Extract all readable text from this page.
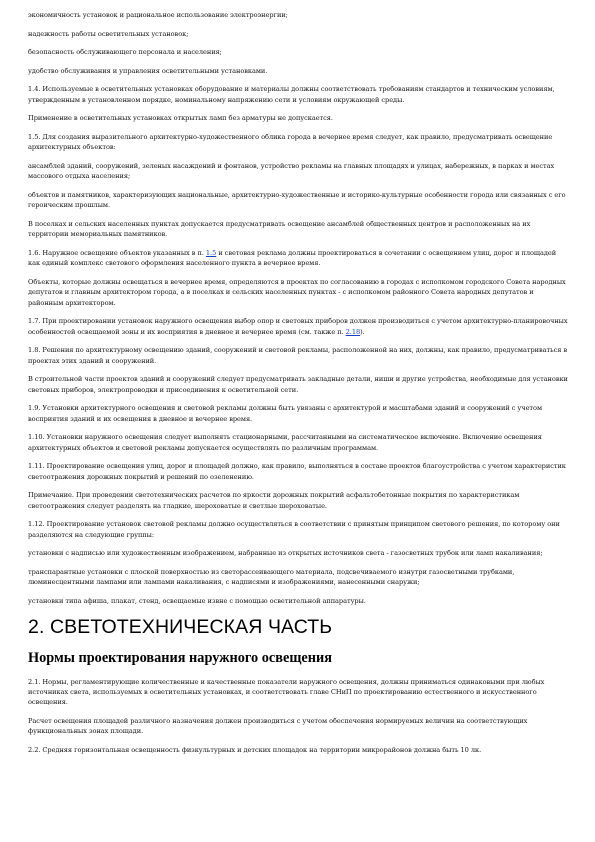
экономичность установок и рациональное использование электроэнергии;

надежность работы осветительных установок;

безопасность обслуживающего персонала и населения;

удобство обслуживания и управления осветительными установками.

1.4. Используемые в осветительных установках оборудование и материалы должны соответствовать требованиям стандартов и техническим условиям, утвержденным в установленном порядке, номинальному напряжению сети и условиям окружающей среды.

Применение в осветительных установках открытых ламп без арматуры не допускается.

1.5. Для создания выразительного архитектурно-художественного облика города в вечернее время следует, как правило, предусматривать освещение архитектурных объектов:

ансамблей зданий, сооружений, зеленых насаждений и фонтанов, устройство рекламы на главных площадях и улицах, набережных, в парках и местах массового отдыха населения;

объектов и памятников, характеризующих национальные, архитектурно-художественные и историко-культурные особенности города или связанных с его героическим прошлым.

В поселках и сельских населенных пунктах допускается предусматривать освещение ансамблей общественных центров и расположенных на их территории мемориальных памятников.

1.6. Наружное освещение объектов указанных в п. 1.5 и световая реклама должны проектироваться в сочетании с освещением улиц, дорог и площадей как единый комплекс светового оформления населенного пункта в вечернее время.

Объекты, которые должны освещаться в вечернее время, определяются в проектах по согласованию в городах с исполкомом городского Совета народных депутатов и главным архитектором города, а в поселках и сельских населенных пунктах - с исполкомом районного Совета народных депутатов и районным архитектором.

1.7. При проектировании установок наружного освещения выбор опор и световых приборов должен производиться с учетом архитектурно-планировочных особенностей освещаемой зоны и их восприятия в дневное и вечернее время (см. также п. 2.18).

1.8. Решения по архитектурному освещению зданий, сооружений и световой рекламы, расположенной на них, должны, как правило, предусматриваться в проектах этих зданий и сооружений.

В строительной части проектов зданий и сооружений следует предусматривать закладные детали, ниши и другие устройства, необходимые для установки световых приборов, электропроводки и присоединения к осветительной сети.

1.9. Установки архитектурного освещения и световой рекламы должны быть увязаны с архитектурой и масштабами зданий и сооружений с учетом восприятия зданий и их освещения в дневное и вечернее время.

1.10. Установки наружного освещения следует выполнять стационарными, рассчитанными на систематическое включение. Включение освещения архитектурных объектов и световой рекламы допускается осуществлять по различным программам.

1.11. Проектирование освещения улиц, дорог и площадей должно, как правило, выполняться в составе проектов благоустройства с учетом характеристик светоотражения дорожных покрытий и решений по озеленению.

Примечание. При проведении светотехнических расчетов по яркости дорожных покрытий асфальтобетонные покрытия по характеристикам светоотражения следует разделять на гладкие, шероховатые и светлые шероховатые.

1.12. Проектирование установок световой рекламы должно осуществляться в соответствии с принятым принципом светового решения, по которому они разделяются на следующие группы:

установки с надписью или художественным изображением, набранные из открытых источников света - газосветных трубок или ламп накаливания;

транспарантные установки с плоской поверхностью из светорассеивающего материала, подсвечиваемого изнутри газосветными трубками, люминесцентными лампами или лампами накаливания, с надписями и изображениями, нанесенными снаружи;

установки типа афиша, плакат, стенд, освещаемые извне с помощью осветительной аппаратуры.

2. СВЕТОТЕХНИЧЕСКАЯ ЧАСТЬ
Нормы проектирования наружного освещения

2.1. Нормы, регламентирующие количественные и качественные показатели наружного освещения, должны приниматься одинаковыми при любых источниках света, используемых в осветительных установках, и соответствовать главе СНиП по проектированию естественного и искусственного освещения.

Расчет освещения площадей различного назначения должен производиться с учетом обеспечения нормируемых величин на соответствующих функциональных зонах площади.

2.2. Средняя горизонтальная освещенность физкультурных и детских площадок на территории микрорайонов должна быть 10 лк.
